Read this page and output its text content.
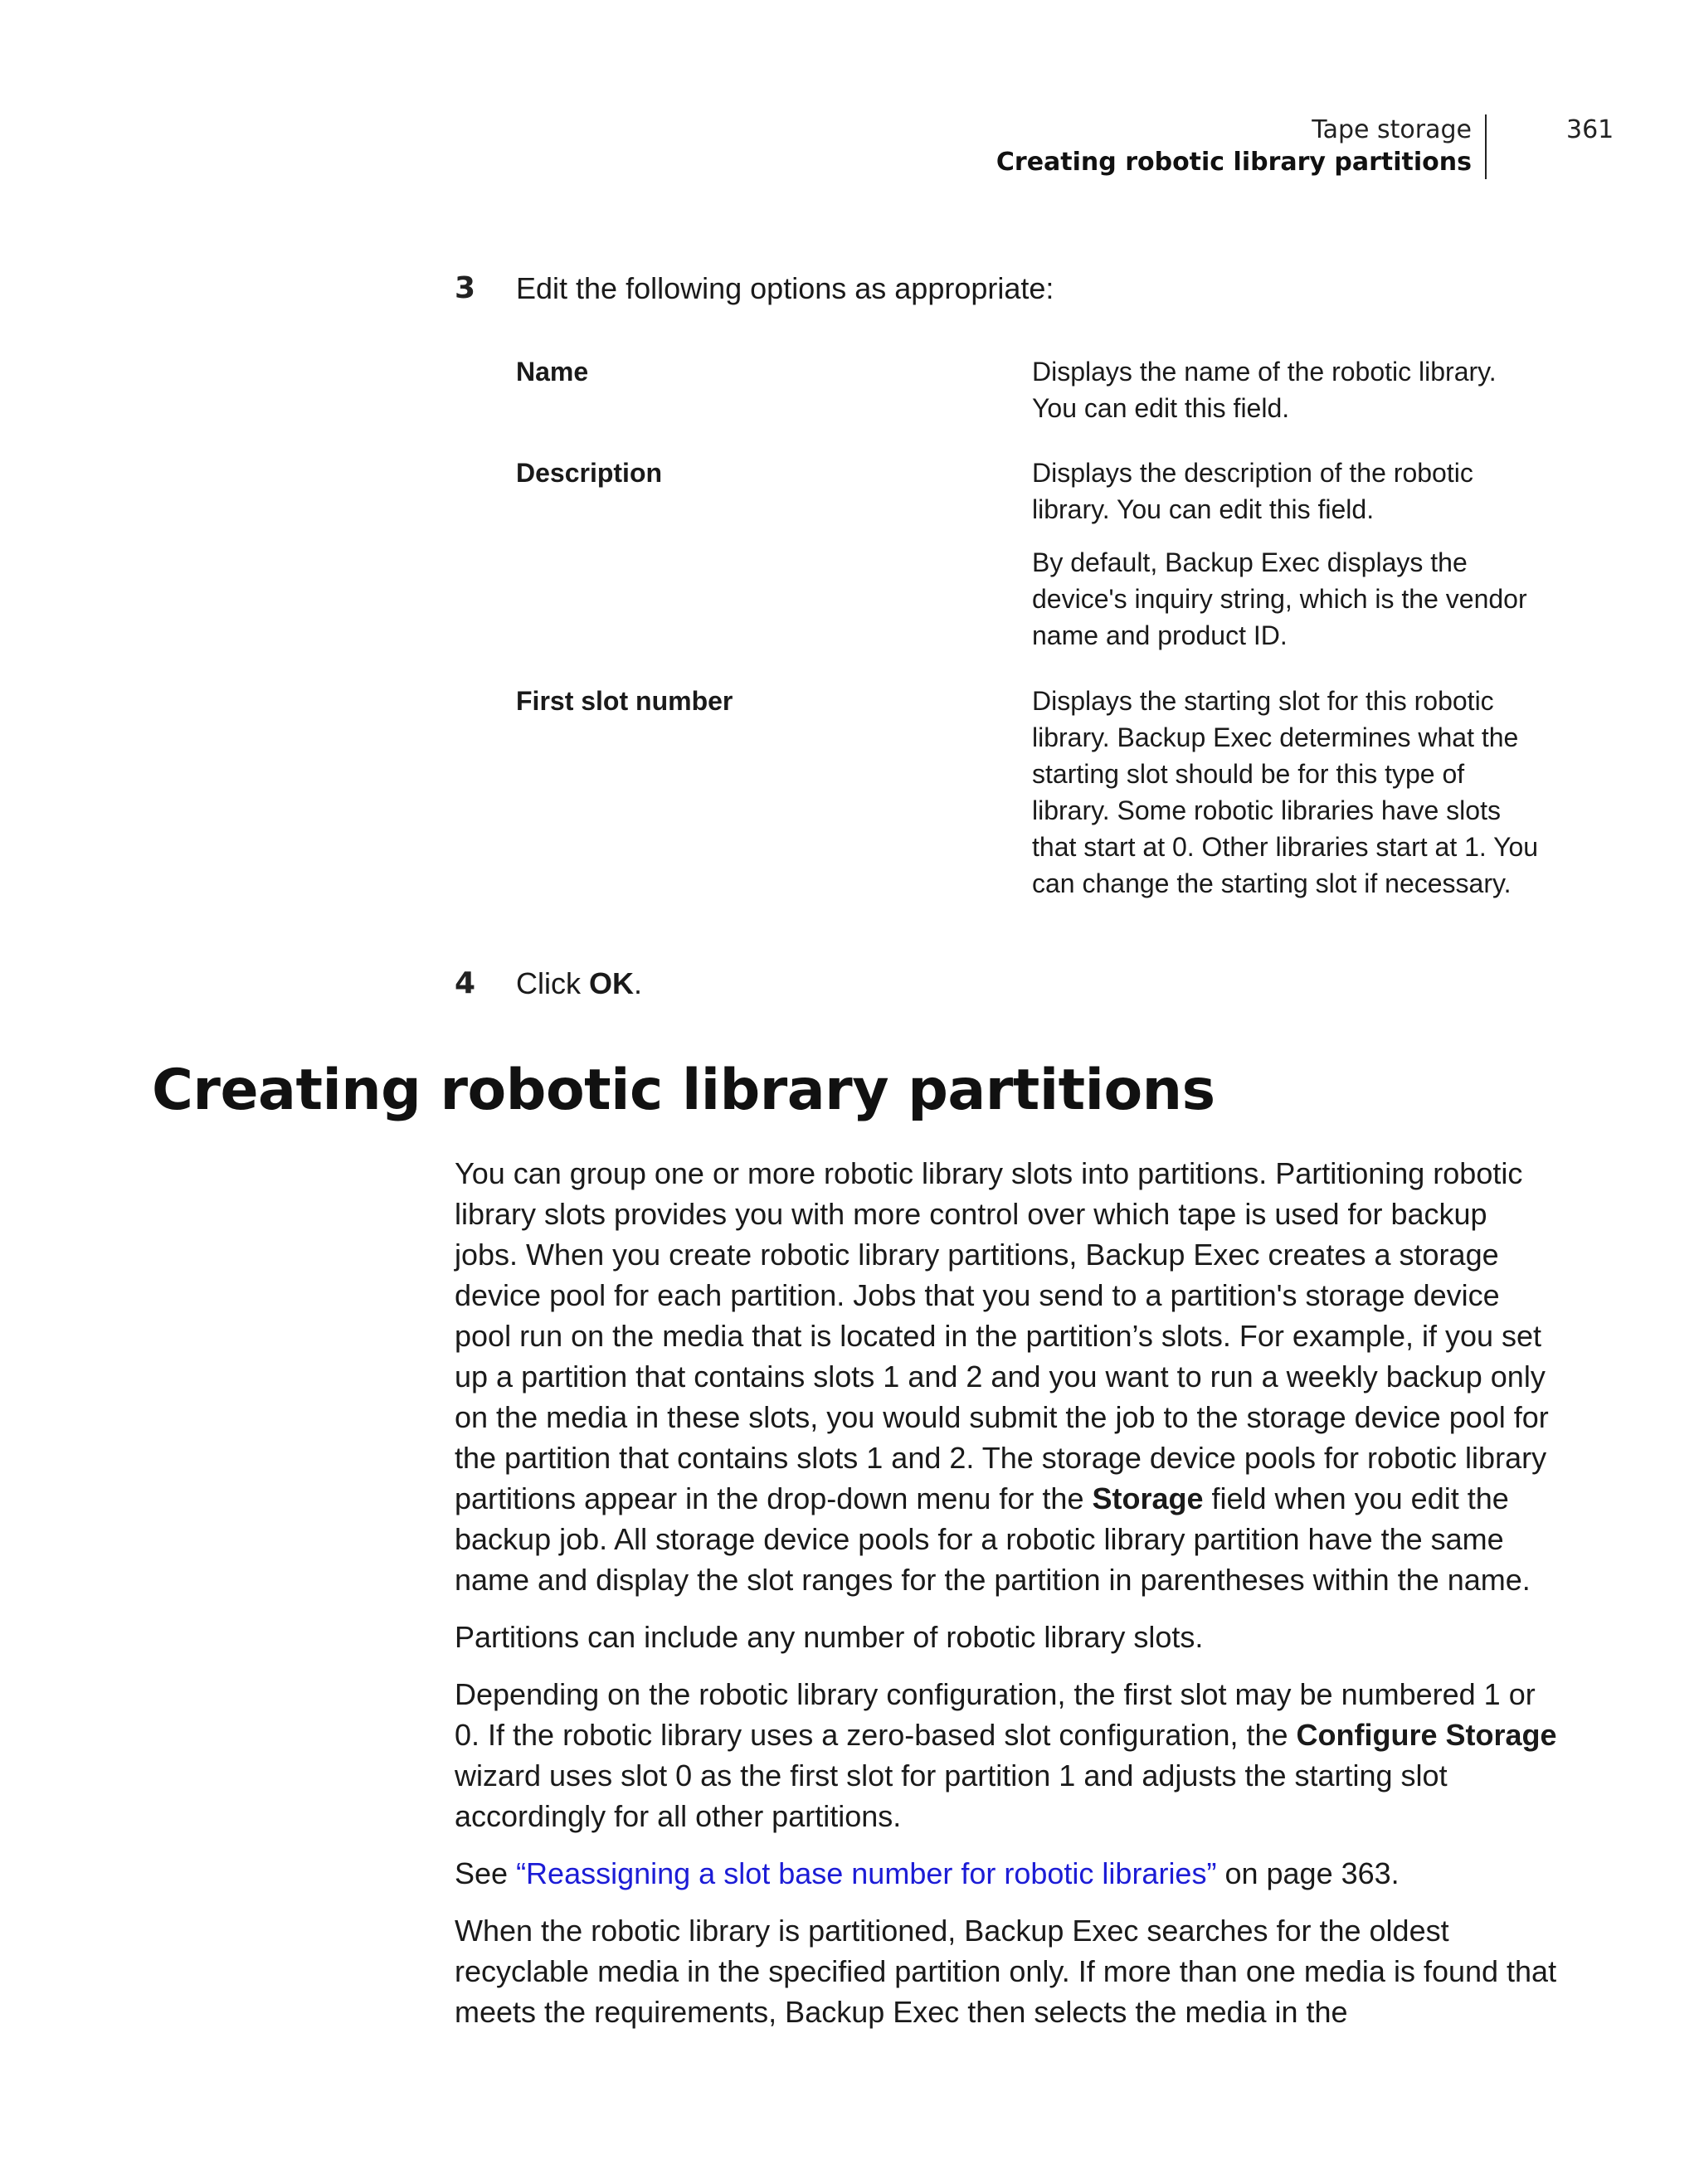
Tape storage
Creating robotic library partitions
361
3 Edit the following options as appropriate:
Name	Displays the name of the robotic library. You can edit this field.

Description	Displays the description of the robotic library. You can edit this field.

By default, Backup Exec displays the device's inquiry string, which is the vendor name and product ID.

First slot number	Displays the starting slot for this robotic library. Backup Exec determines what the starting slot should be for this type of library. Some robotic libraries have slots that start at 0. Other libraries start at 1. You can change the starting slot if necessary.

4 Click OK.
Creating robotic library partitions

You can group one or more robotic library slots into partitions. Partitioning robotic library slots provides you with more control over which tape is used for backup jobs. When you create robotic library partitions, Backup Exec creates a storage device pool for each partition. Jobs that you send to a partition's storage device pool run on the media that is located in the partition’s slots. For example, if you set up a partition that contains slots 1 and 2 and you want to run a weekly backup only on the media in these slots, you would submit the job to the storage device pool for the partition that contains slots 1 and 2. The storage device pools for robotic library partitions appear in the drop-down menu for the Storage field when you edit the backup job. All storage device pools for a robotic library partition have the same name and display the slot ranges for the partition in parentheses within the name.

Partitions can include any number of robotic library slots.

Depending on the robotic library configuration, the first slot may be numbered 1 or 0. If the robotic library uses a zero-based slot configuration, the Configure Storage wizard uses slot 0 as the first slot for partition 1 and adjusts the starting slot accordingly for all other partitions.

See “Reassigning a slot base number for robotic libraries” on page 363.

When the robotic library is partitioned, Backup Exec searches for the oldest recyclable media in the specified partition only. If more than one media is found that meets the requirements, Backup Exec then selects the media in the
